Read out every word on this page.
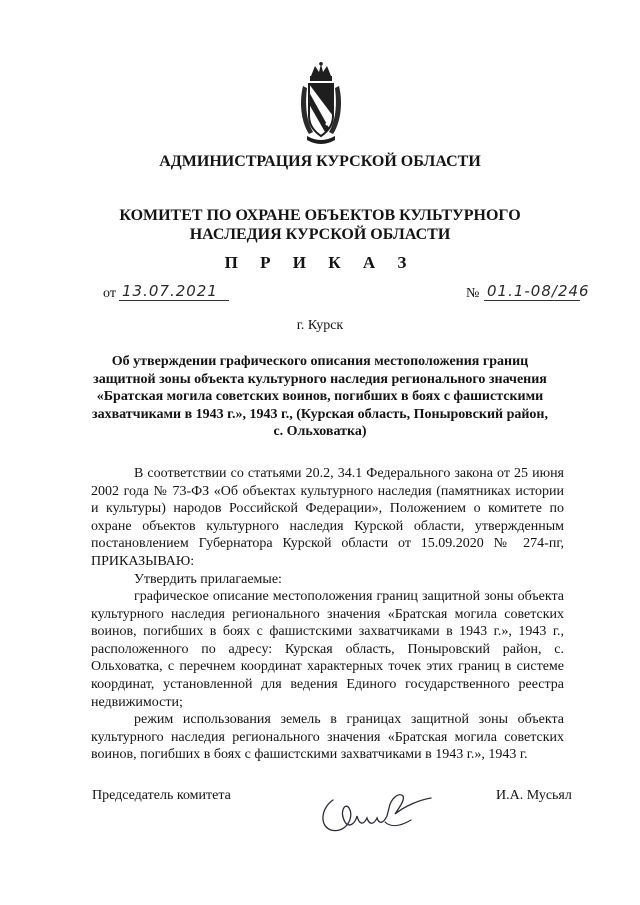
АДМИНИСТРАЦИЯ КУРСКОЙ ОБЛАСТИ
КОМИТЕТ ПО ОХРАНЕ ОБЪЕКТОВ КУЛЬТУРНОГО НАСЛЕДИЯ КУРСКОЙ ОБЛАСТИ
П Р И К А З
от 13.07.2021	№ 01.1-08/246
г. Курск
Об утверждении графического описания местоположения границ защитной зоны объекта культурного наследия регионального значения «Братская могила советских воинов, погибших в боях с фашистскими захватчиками в 1943 г.», 1943 г., (Курская область, Поныровский район, с. Ольховатка)
В соответствии со статьями 20.2, 34.1 Федерального закона от 25 июня 2002 года № 73-ФЗ «Об объектах культурного наследия (памятниках истории и культуры) народов Российской Федерации», Положением о комитете по охране объектов культурного наследия Курской области, утвержденным постановлением Губернатора Курской области от 15.09.2020 № 274-пг, ПРИКАЗЫВАЮ:
Утвердить прилагаемые:
графическое описание местоположения границ защитной зоны объекта культурного наследия регионального значения «Братская могила советских воинов, погибших в боях с фашистскими захватчиками в 1943 г.», 1943 г., расположенного по адресу: Курская область, Поныровский район, с. Ольховатка, с перечнем координат характерных точек этих границ в системе координат, установленной для ведения Единого государственного реестра недвижимости;
режим использования земель в границах защитной зоны объекта культурного наследия регионального значения «Братская могила советских воинов, погибших в боях с фашистскими захватчиками в 1943 г.», 1943 г.
Председатель комитета	И.А. Мусьял
